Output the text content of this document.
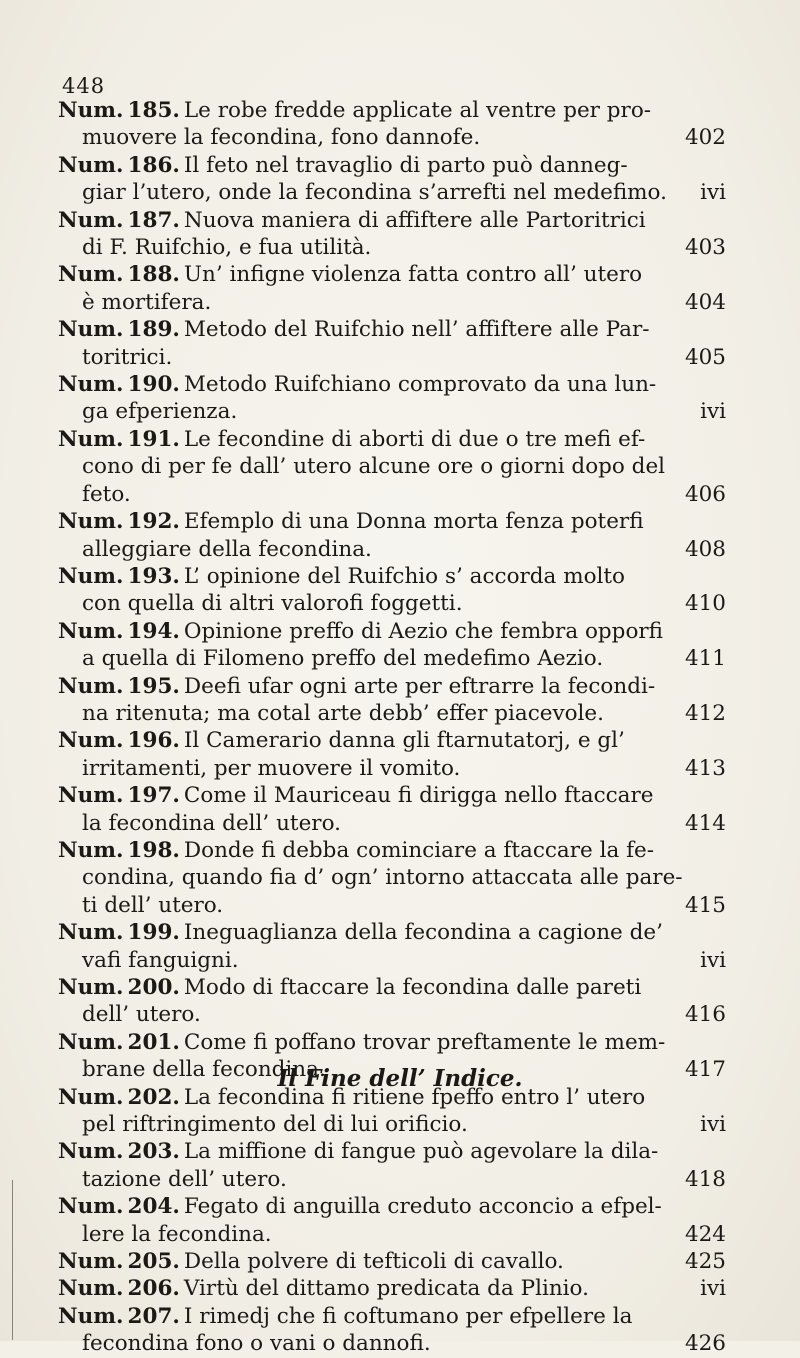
448
Num. 185. Le robe fredde applicate al ventre per pro-
muovere la fecondina, fono dannofe.	402
Num. 186. Il feto nel travaglio di parto può danneg-
giar l’utero, onde la fecondina s’arrefti nel medefimo. ivi
Num. 187. Nuova maniera di affiftere alle Partoritrici
di F. Ruifchio, e fua utilità.	403
Num. 188. Un’ infigne violenza fatta contro all’ utero
è mortifera.	404
Num. 189. Metodo del Ruifchio nell’ affiftere alle Par-
toritrici.	405
Num. 190. Metodo Ruifchiano comprovato da una lun-
ga efperienza.	ivi
Num. 191. Le fecondine di aborti di due o tre mefi ef-
cono di per fe dall’ utero alcune ore o giorni dopo del
feto.	406
Num. 192. Efemplo di una Donna morta fenza poterfi
alleggiare della fecondina.	408
Num. 193. L’ opinione del Ruifchio s’ accorda molto
con quella di altri valorofi foggetti.	410
Num. 194. Opinione preffo di Aezio che fembra opporfi
a quella di Filomeno preffo del medefimo Aezio.	411
Num. 195. Deefi ufar ogni arte per eftrarre la fecondi-
na ritenuta; ma cotal arte debb’ effer piacevole.	412
Num. 196. Il Camerario danna gli ftarnutatorj, e gl’
irritamenti, per muovere il vomito.	413
Num. 197. Come il Mauriceau fi dirigga nello ftaccare
la fecondina dell’ utero.	414
Num. 198. Donde fi debba cominciare a ftaccare la fe-
condina, quando fia d’ ogn’ intorno attaccata alle pare-
ti dell’ utero.	415
Num. 199. Ineguaglianza della fecondina a cagione de’
vafi fanguigni.	ivi
Num. 200. Modo di ftaccare la fecondina dalle pareti
dell’ utero.	416
Num. 201. Come fi poffano trovar preftamente le mem-
brane della fecondina.	417
Num. 202. La fecondina fi ritiene fpeffo entro l’ utero
pel riftringimento del di lui orificio.	ivi
Num. 203. La miffione di fangue può agevolare la dila-
tazione dell’ utero.	418
Num. 204. Fegato di anguilla creduto acconcio a efpel-
lere la fecondina.	424
Num. 205. Della polvere di tefticoli di cavallo.	425
Num. 206. Virtù del dittamo predicata da Plinio.	ivi
Num. 207. I rimedj che fi coftumano per efpellere la
fecondina fono o vani o dannofi.	426
Il Fine dell’ Indice.
